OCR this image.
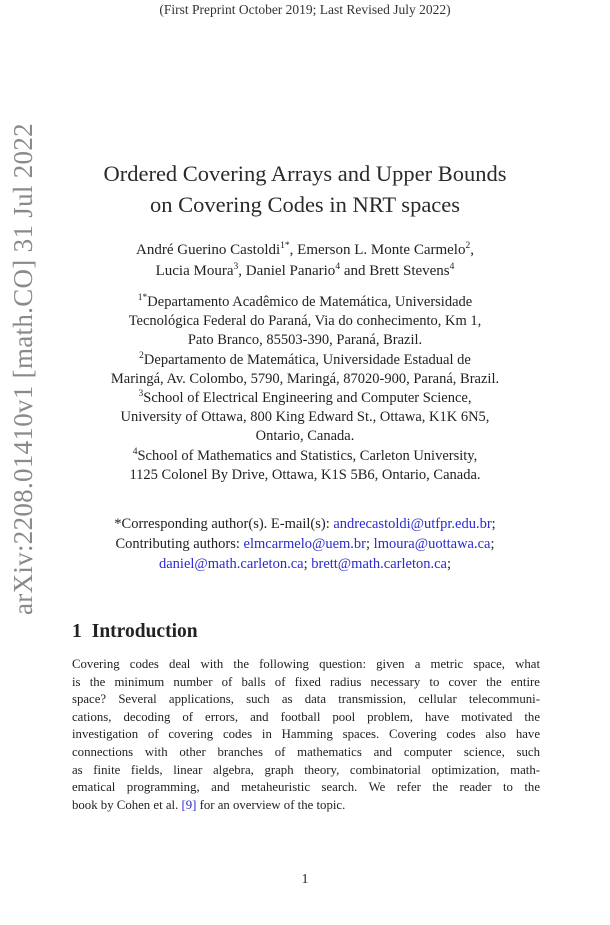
(First Preprint October 2019; Last Revised July 2022)
arXiv:2208.01410v1 [math.CO] 31 Jul 2022	Ordered Covering Arrays and Upper Bounds
on Covering Codes in NRT spaces
André Guerino Castoldi$^{1*}$, Emerson L. Monte Carmelo$^2$,
Lucia Moura$^3$, Daniel Panario$^4$ and Brett Stevens$^4$
$^{1*}$Departamento Acadêmico de Matemática, Universidade
Tecnológica Federal do Paraná, Via do conhecimento, Km 1,
Pato Branco, 85503-390, Paraná, Brazil.
$^2$Departamento de Matemática, Universidade Estadual de
Maringá, Av. Colombo, 5790, Maringá, 87020-900, Paraná, Brazil.
$^3$School of Electrical Engineering and Computer Science,
University of Ottawa, 800 King Edward St., Ottawa, K1K 6N5,
Ontario, Canada.
$^4$School of Mathematics and Statistics, Carleton University,
1125 Colonel By Drive, Ottawa, K1S 5B6, Ontario, Canada.
*Corresponding author(s). E-mail(s): andrecastoldi@utfpr.edu.br;
Contributing authors: elmcarmelo@uem.br; lmoura@uottawa.ca;
daniel@math.carleton.ca; brett@math.carleton.ca;
1 Introduction
Covering codes deal with the following question: given a metric space, what
is the minimum number of balls of fixed radius necessary to cover the entire
space? Several applications, such as data transmission, cellular telecommuni-
cations, decoding of errors, and football pool problem, have motivated the
investigation of covering codes in Hamming spaces. Covering codes also have
connections with other branches of mathematics and computer science, such
as finite fields, linear algebra, graph theory, combinatorial optimization, math-
ematical programming, and metaheuristic search. We refer the reader to the
book by Cohen et al. [9] for an overview of the topic.
1
